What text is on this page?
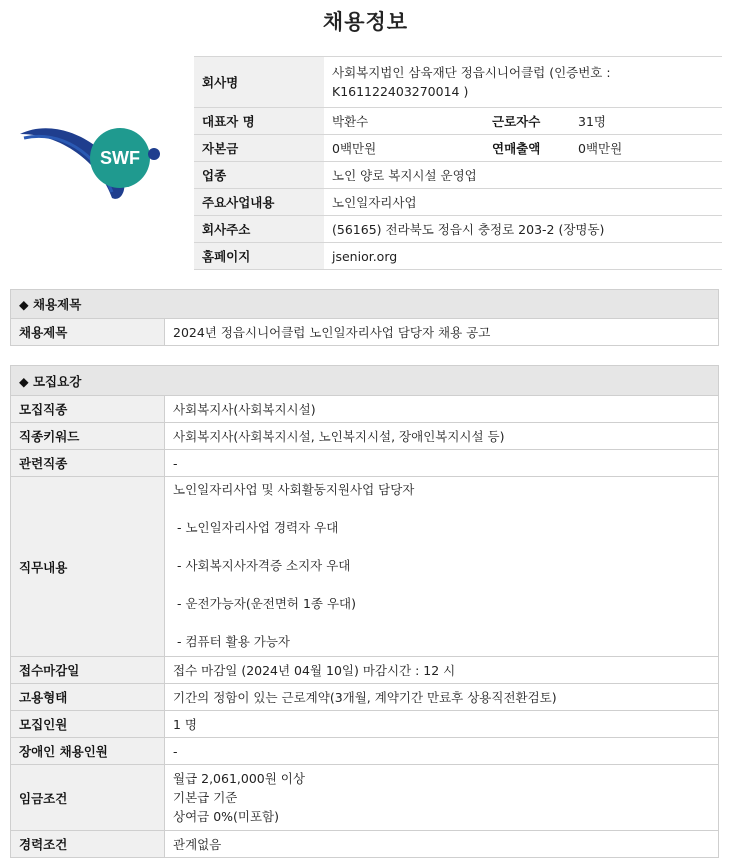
채용정보
SWF
회사명	사회복지법인 삼육재단 정읍시니어클럽 (인증번호 : K161122403270014 )		
대표자 명	박환수	근로자수	31명
자본금	0백만원	연매출액	0백만원
업종	노인 양로 복지시설 운영업		
주요사업내용	노인일자리사업		
회사주소	(56165) 전라북도 정읍시 충정로 203-2 (장명동)		
홈페이지	jsenior.org		
◆ 채용제목
채용제목	2024년 정읍시니어클럽 노인일자리사업 담당자 채용 공고
◆ 모집요강	
모집직종	사회복지사(사회복지시설)
직종키워드	사회복지사(사회복지시설, 노인복지시설, 장애인복지시설 등)
관련직종	-
직무내용	노인일자리사업 및 사회활동지원사업 담당자
- 노인일자리사업 경력자 우대
- 사회복지사자격증 소지자 우대
- 운전가능자(운전면허 1종 우대)
- 컴퓨터 활용 가능자

접수마감일	접수 마감일 (2024년 04월 10일) 마감시간 : 12 시
고용형태	기간의 정함이 있는 근로계약(3개월, 계약기간 만료후 상용직전환검토)
모집인원	1 명
장애인 채용인원	-
임금조건	월급 2,061,000원 이상
기본급 기준
상여금 0%(미포함)

경력조건	관계없음
